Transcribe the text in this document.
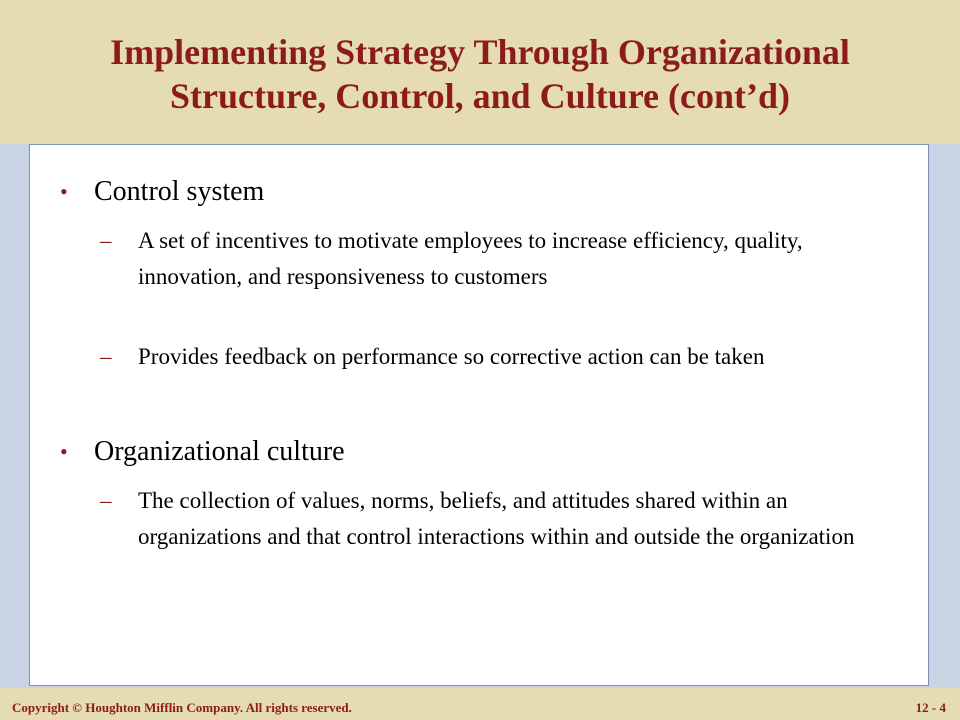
Implementing Strategy Through Organizational
Structure, Control, and Culture (cont’d)
• Control system
–	A set of incentives to motivate employees to increase efficiency, quality, innovation, and responsiveness to customers
–	Provides feedback on performance so corrective action can be taken
• Organizational culture
–	The collection of values, norms, beliefs, and attitudes shared within an organizations and that control interactions within and outside the organization
Copyright © Houghton Mifflin Company. All rights reserved.	12 - 4
